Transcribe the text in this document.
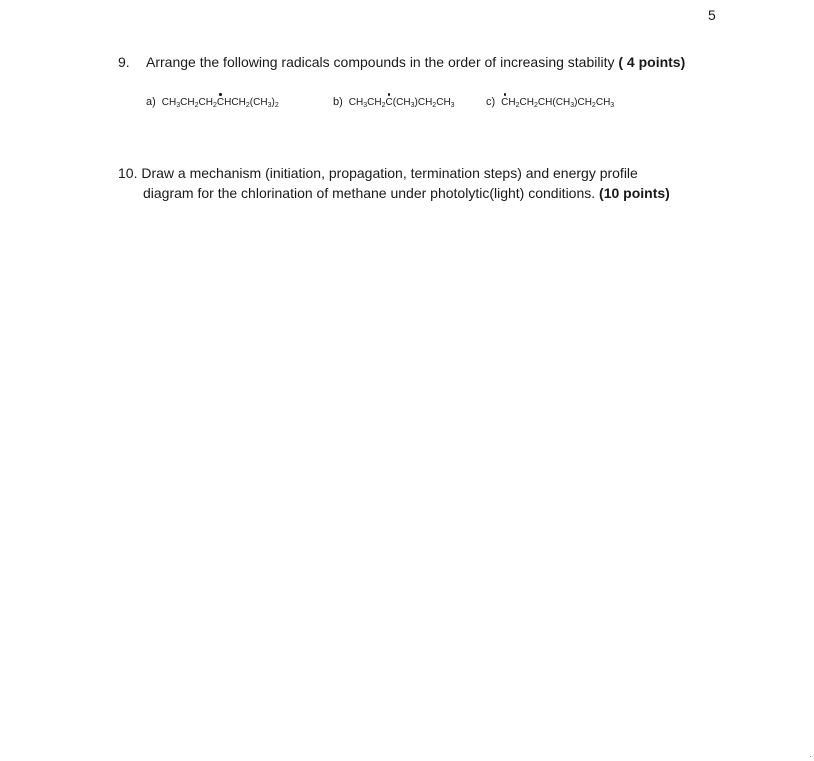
5
9. Arrange the following radicals compounds in the order of increasing stability ( 4 points)
a) $CH_3CH_2CH_2CHCH_2(CH_3)_2$	b) $CH_3CH_2C(CH_3)CH_2CH_3$	c) $CH_2CH_2CH(CH_3)CH_2CH_3$
10. Draw a mechanism (initiation, propagation, termination steps) and energy profile
diagram for the chlorination of methane under photolytic(light) conditions. (10 points)
